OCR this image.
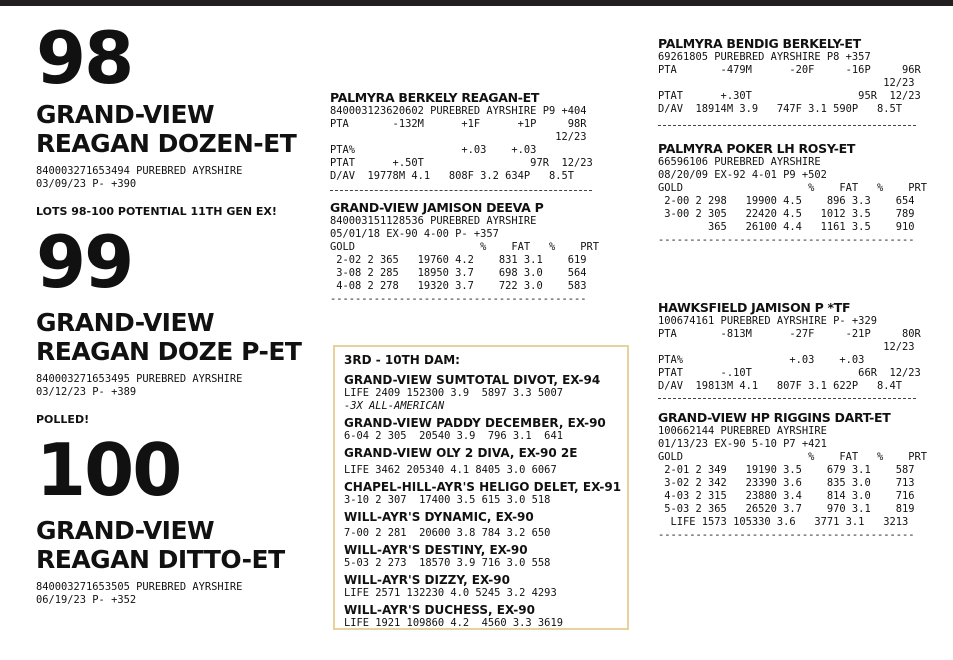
98
GRAND-VIEW
REAGAN DOZEN-ET
840003271653494 PUREBRED AYRSHIRE
03/09/23 P- +390
LOTS 98-100 POTENTIAL 11TH GEN EX!
99
GRAND-VIEW
REAGAN DOZE P-ET
840003271653495 PUREBRED AYRSHIRE
03/12/23 P- +389
POLLED!
100
GRAND-VIEW
REAGAN DITTO-ET
840003271653505 PUREBRED AYRSHIRE
06/19/23 P- +352
PALMYRA BERKELY REAGAN-ET
840003123620602 PUREBRED AYRSHIRE P9 +404
PTA       -132M      +1F      +1P     98R
12/23
PTA%                 +.03    +.03
PTAT      +.50T                 97R  12/23
D/AV  19778M 4.1   808F 3.2 634P   8.5T
GRAND-VIEW JAMISON DEEVA P
840003151128536 PUREBRED AYRSHIRE
05/01/18 EX-90 4-00 P- +357
GOLD                    %    FAT   %    PRT
2-02 2 365   19760 4.2    831 3.1    619
3-08 2 285   18950 3.7    698 3.0    564
4-08 2 278   19320 3.7    722 3.0    583
-----------------------------------------
PALMYRA BENDIG BERKELY-ET
69261805 PUREBRED AYRSHIRE P8 +357
PTA       -479M      -20F     -16P     96R
12/23
PTAT      +.30T                 95R  12/23
D/AV  18914M 3.9   747F 3.1 590P   8.5T
PALMYRA POKER LH ROSY-ET
66596106 PUREBRED AYRSHIRE
08/20/09 EX-92 4-01 P9 +502
GOLD                    %    FAT   %    PRT
2-00 2 298   19900 4.5    896 3.3    654
3-00 2 305   22420 4.5   1012 3.5    789
365   26100 4.4   1161 3.5    910
-----------------------------------------
HAWKSFIELD JAMISON P *TF
100674161 PUREBRED AYRSHIRE P- +329
PTA       -813M      -27F     -21P     80R
12/23
PTA%                 +.03    +.03
PTAT      -.10T                 66R  12/23
D/AV  19813M 4.1   807F 3.1 622P   8.4T
GRAND-VIEW HP RIGGINS DART-ET
100662144 PUREBRED AYRSHIRE
01/13/23 EX-90 5-10 P7 +421
GOLD                    %    FAT   %    PRT
2-01 2 349   19190 3.5    679 3.1    587
3-02 2 342   23390 3.6    835 3.0    713
4-03 2 315   23880 3.4    814 3.0    716
5-03 2 365   26520 3.7    970 3.1    819
LIFE 1573 105330 3.6   3771 3.1   3213
-----------------------------------------
3RD - 10TH DAM:
GRAND-VIEW SUMTOTAL DIVOT, EX-94
LIFE 2409 152300 3.9  5897 3.3 5007
-3X ALL-AMERICAN
GRAND-VIEW PADDY DECEMBER, EX-90
6-04 2 305  20540 3.9  796 3.1  641
GRAND-VIEW OLY 2 DIVA, EX-90 2E
LIFE 3462 205340 4.1 8405 3.0 6067
CHAPEL-HILL-AYR'S HELIGO DELET, EX-91
3-10 2 307  17400 3.5 615 3.0 518
WILL-AYR'S DYNAMIC, EX-90
7-00 2 281  20600 3.8 784 3.2 650
WILL-AYR'S DESTINY, EX-90
5-03 2 273  18570 3.9 716 3.0 558
WILL-AYR'S DIZZY, EX-90
LIFE 2571 132230 4.0 5245 3.2 4293
WILL-AYR'S DUCHESS, EX-90
LIFE 1921 109860 4.2  4560 3.3 3619
